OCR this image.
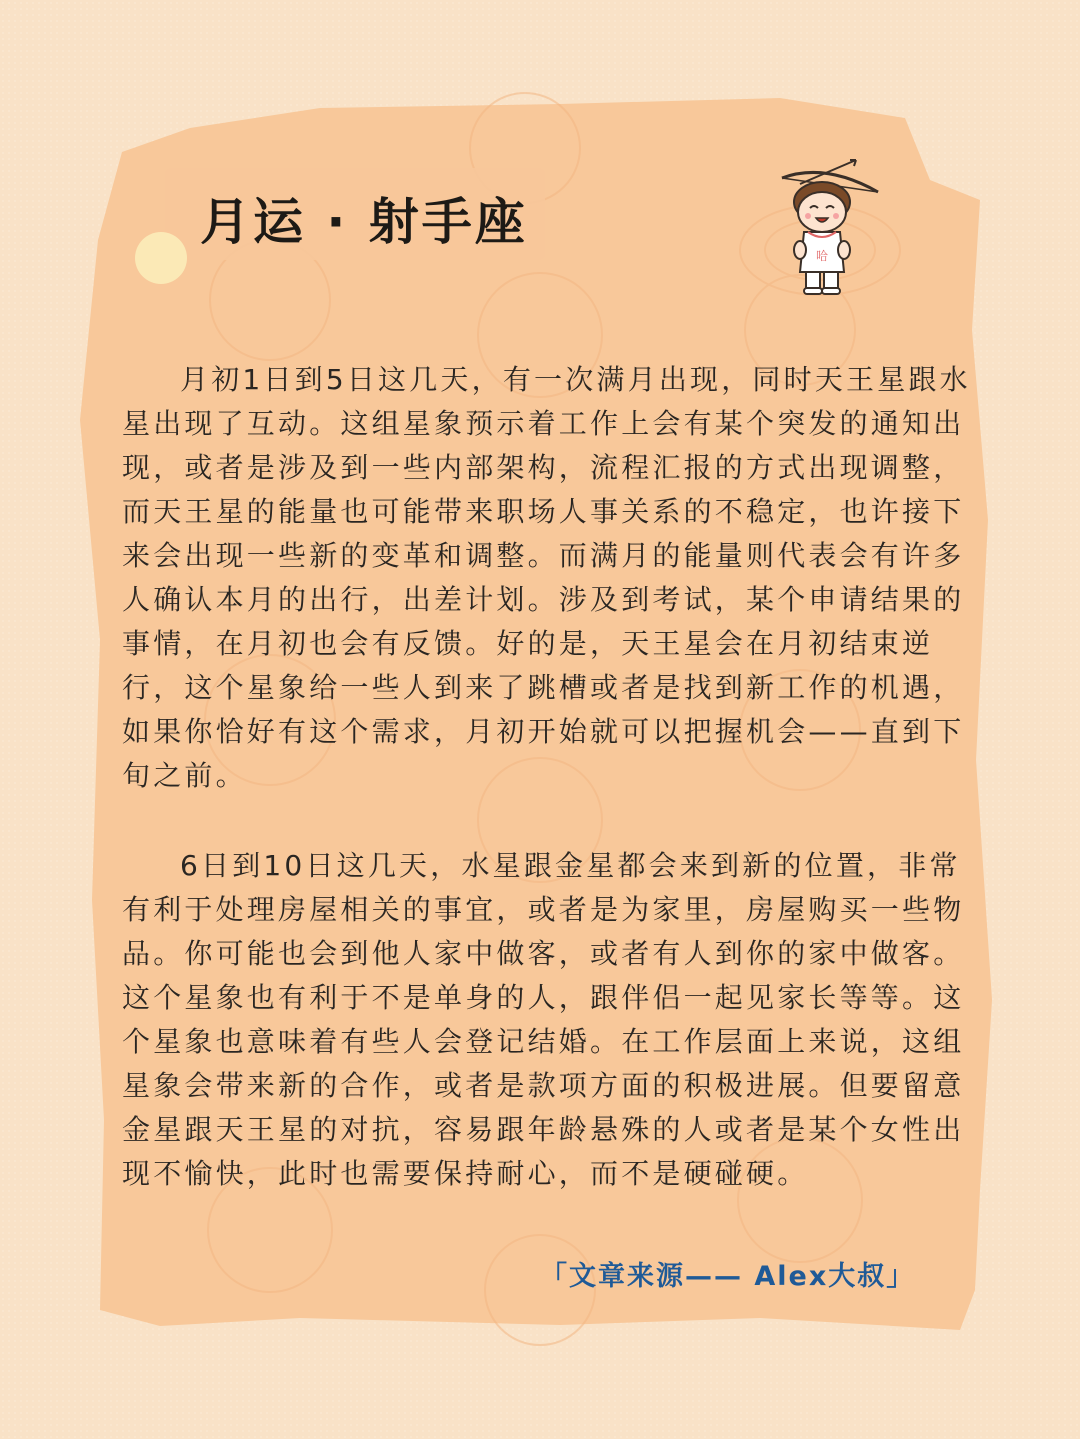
月运 · 射手座
哈

月初1日到5日这几天，有一次满月出现，同时天王星跟水星出现了互动。这组星象预示着工作上会有某个突发的通知出现，或者是涉及到一些内部架构，流程汇报的方式出现调整，而天王星的能量也可能带来职场人事关系的不稳定，也许接下来会出现一些新的变革和调整。而满月的能量则代表会有许多人确认本月的出行，出差计划。涉及到考试，某个申请结果的事情，在月初也会有反馈。好的是，天王星会在月初结束逆行，这个星象给一些人到来了跳槽或者是找到新工作的机遇，如果你恰好有这个需求，月初开始就可以把握机会——直到下旬之前。

6日到10日这几天，水星跟金星都会来到新的位置，非常有利于处理房屋相关的事宜，或者是为家里，房屋购买一些物品。你可能也会到他人家中做客，或者有人到你的家中做客。这个星象也有利于不是单身的人，跟伴侣一起见家长等等。这个星象也意味着有些人会登记结婚。在工作层面上来说，这组星象会带来新的合作，或者是款项方面的积极进展。但要留意金星跟天王星的对抗，容易跟年龄悬殊的人或者是某个女性出现不愉快，此时也需要保持耐心，而不是硬碰硬。

「文章来源—— Alex大叔」
